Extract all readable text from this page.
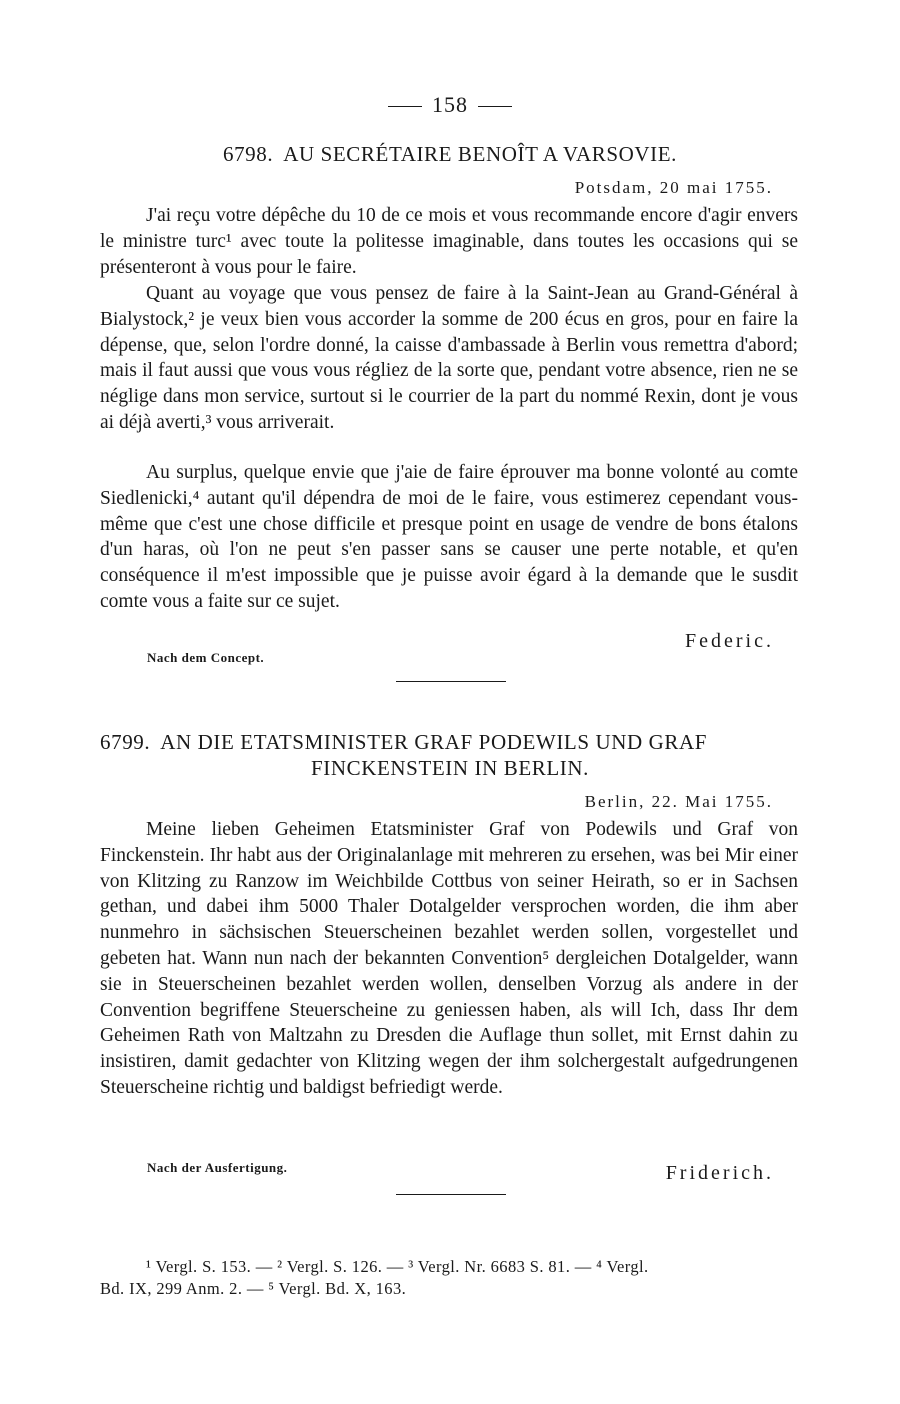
158
6798. AU SECRÉTAIRE BENOÎT A VARSOVIE.
Potsdam, 20 mai 1755.

J'ai reçu votre dépêche du 10 de ce mois et vous recommande encore d'agir envers le ministre turc¹ avec toute la politesse imaginable, dans toutes les occasions qui se présenteront à vous pour le faire.

Quant au voyage que vous pensez de faire à la Saint-Jean au Grand-Général à Bialystock,² je veux bien vous accorder la somme de 200 écus en gros, pour en faire la dépense, que, selon l'ordre donné, la caisse d'ambassade à Berlin vous remettra d'abord; mais il faut aussi que vous vous régliez de la sorte que, pendant votre absence, rien ne se néglige dans mon service, surtout si le courrier de la part du nommé Rexin, dont je vous ai déjà averti,³ vous arriverait.

Au surplus, quelque envie que j'aie de faire éprouver ma bonne volonté au comte Siedlenicki,⁴ autant qu'il dépendra de moi de le faire, vous estimerez cependant vous-même que c'est une chose difficile et presque point en usage de vendre de bons étalons d'un haras, où l'on ne peut s'en passer sans se causer une perte notable, et qu'en conséquence il m'est impossible que je puisse avoir égard à la demande que le susdit comte vous a faite sur ce sujet.

Nach dem Concept.
Federic.
6799. AN DIE ETATSMINISTER GRAF PODEWILS UND GRAF
FINCKENSTEIN IN BERLIN.
Berlin, 22. Mai 1755.

Meine lieben Geheimen Etatsminister Graf von Podewils und Graf von Finckenstein. Ihr habt aus der Originalanlage mit mehreren zu ersehen, was bei Mir einer von Klitzing zu Ranzow im Weichbilde Cottbus von seiner Heirath, so er in Sachsen gethan, und dabei ihm 5000 Thaler Dotalgelder versprochen worden, die ihm aber nunmehro in sächsischen Steuerscheinen bezahlet werden sollen, vorgestellet und gebeten hat. Wann nun nach der bekannten Convention⁵ dergleichen Dotalgelder, wann sie in Steuerscheinen bezahlet werden wollen, denselben Vorzug als andere in der Convention begriffene Steuerscheine zu geniessen haben, als will Ich, dass Ihr dem Geheimen Rath von Maltzahn zu Dresden die Auflage thun sollet, mit Ernst dahin zu insistiren, damit gedachter von Klitzing wegen der ihm solchergestalt aufgedrungenen Steuerscheine richtig und baldigst befriedigt werde.

Nach der Ausfertigung.	Friderich.
¹ Vergl. S. 153. — ² Vergl. S. 126. — ³ Vergl. Nr. 6683 S. 81. — ⁴ Vergl.
Bd. IX, 299 Anm. 2. — ⁵ Vergl. Bd. X, 163.
